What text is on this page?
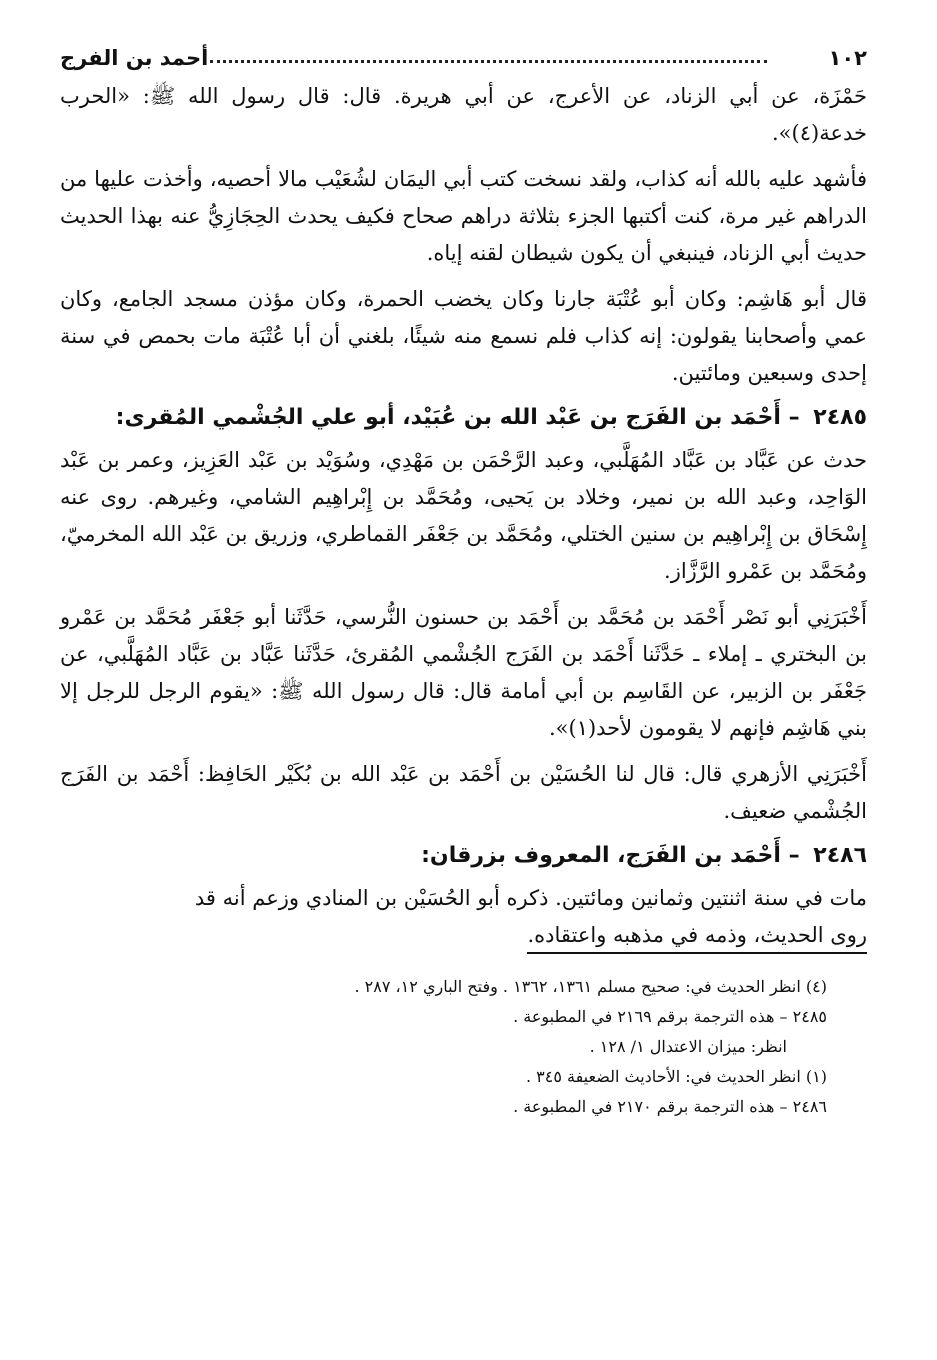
١٠٢
أحمد بن الفرج

حَمْزَة، عن أبي الزناد، عن الأعرج، عن أبي هريرة. قال: قال رسول الله ﷺ: «الحرب خدعة(٤)».

فأشهد عليه بالله أنه كذاب، ولقد نسخت كتب أبي اليمَان لشُعَيْب مالا أحصيه، وأخذت عليها من الدراهم غير مرة، كنت أكتبها الجزء بثلاثة دراهم صحاح فكيف يحدث الحِجَازِيُّ عنه بهذا الحديث حديث أبي الزناد، فينبغي أن يكون شيطان لقنه إياه.

قال أبو هَاشِم: وكان أبو عُتْبَة جارنا وكان يخضب الحمرة، وكان مؤذن مسجد الجامع، وكان عمي وأصحابنا يقولون: إنه كذاب فلم نسمع منه شيئًا، بلغني أن أبا عُتْبَة مات بحمص في سنة إحدى وسبعين ومائتين.

٢٤٨٥ – أَحْمَد بن الفَرَج بن عَبْد الله بن عُبَيْد، أبو علي الجُشْمي المُقرى:

حدث عن عَبَّاد بن عَبَّاد المُهَلَّبي، وعبد الرَّحْمَن بن مَهْدِي، وسُوَيْد بن عَبْد العَزِيز، وعمر بن عَبْد الوَاحِد، وعبد الله بن نمير، وخلاد بن يَحيى، ومُحَمَّد بن إِبْراهِيم الشامي، وغيرهم. روى عنه إِسْحَاق بن إِبْراهِيم بن سنين الختلي، ومُحَمَّد بن جَعْفَر القماطري، وزريق بن عَبْد الله المخرميّ، ومُحَمَّد بن عَمْرو الرَّزَّاز.

أَخْبَرَنِي أبو نَصْر أَحْمَد بن مُحَمَّد بن أَحْمَد بن حسنون النُّرسي، حَدَّثَنا أبو جَعْفَر مُحَمَّد بن عَمْرو بن البختري ـ إملاء ـ حَدَّثَنا أَحْمَد بن الفَرَج الجُشْمي المُقرئ، حَدَّثَنا عَبَّاد بن عَبَّاد المُهَلَّبي، عن جَعْفَر بن الزبير، عن القَاسِم بن أبي أمامة قال: قال رسول الله ﷺ: «يقوم الرجل للرجل إلا بني هَاشِم فإنهم لا يقومون لأحد(١)».

أَخْبَرَنِي الأزهري قال: قال لنا الحُسَيْن بن أَحْمَد بن عَبْد الله بن بُكَيْر الحَافِظ: أَحْمَد بن الفَرَج الجُشْمي ضعيف.

٢٤٨٦ – أَحْمَد بن الفَرَج، المعروف بزرقان:

مات في سنة اثنتين وثمانين ومائتين. ذكره أبو الحُسَيْن بن المنادي وزعم أنه قد

روى الحديث، وذمه في مذهبه واعتقاده.

(٤) انظر الحديث في: صحيح مسلم ١٣٦١، ١٣٦٢ . وفتح الباري ١٢، ٢٨٧ .

٢٤٨٥ – هذه الترجمة برقم ٢١٦٩ في المطبوعة .

انظر: ميزان الاعتدال ١/ ١٢٨ .

(١) انظر الحديث في: الأحاديث الضعيفة ٣٤٥ .

٢٤٨٦ – هذه الترجمة برقم ٢١٧٠ في المطبوعة .
